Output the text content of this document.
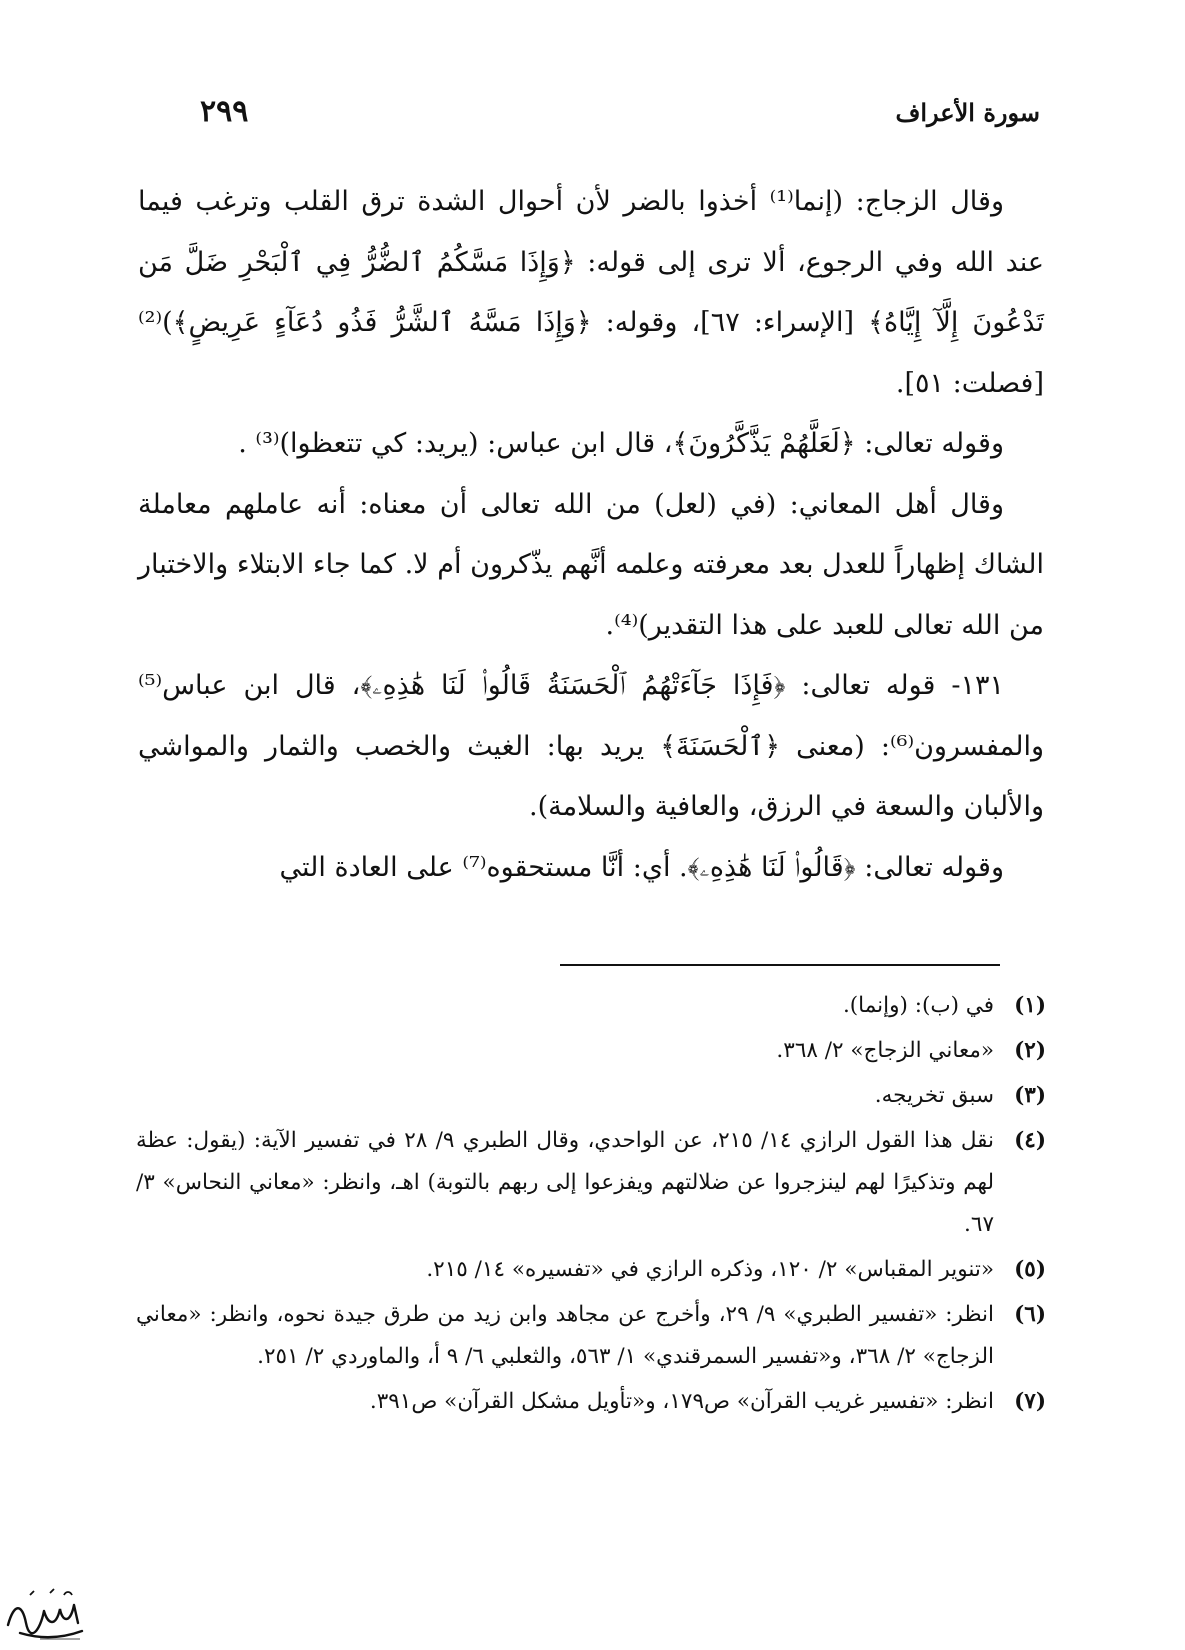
سورة الأعراف
٢٩٩

وقال الزجاج: (إنما⁽¹⁾ أخذوا بالضر لأن أحوال الشدة ترق القلب وترغب فيما عند الله وفي الرجوع، ألا ترى إلى قوله: ﴿وَإِذَا مَسَّكُمُ ٱلضُّرُّ فِي ٱلْبَحْرِ ضَلَّ مَن تَدْعُونَ إِلَّآ إِيَّاهُ﴾ [الإسراء: ٦٧]، وقوله: ﴿وَإِذَا مَسَّهُ ٱلشَّرُّ فَذُو دُعَآءٍ عَرِيضٍ﴾)⁽²⁾ [فصلت: ٥١].

وقوله تعالى: ﴿لَعَلَّهُمْ يَذَّكَّرُونَ﴾، قال ابن عباس: (يريد: كي تتعظوا)⁽³⁾ .

وقال أهل المعاني: (في (لعل) من الله تعالى أن معناه: أنه عاملهم معاملة الشاك إظهاراً للعدل بعد معرفته وعلمه أنَّهم يذّكرون أم لا. كما جاء الابتلاء والاختبار من الله تعالى للعبد على هذا التقدير)⁽⁴⁾.

١٣١- قوله تعالى: ﴿فَإِذَا جَآءَتْهُمُ ٱلْحَسَنَةُ قَالُوا۟ لَنَا هَٰذِهِۦ﴾، قال ابن عباس⁽⁵⁾ والمفسرون⁽⁶⁾: (معنى ﴿ٱلْحَسَنَةَ﴾ يريد بها: الغيث والخصب والثمار والمواشي والألبان والسعة في الرزق، والعافية والسلامة).

وقوله تعالى: ﴿قَالُوا۟ لَنَا هَٰذِهِۦ﴾. أي: أنَّا مستحقوه⁽⁷⁾ على العادة التي

(١)
في (ب): (وإنما).
(٢)
«معاني الزجاج» ٢/ ٣٦٨.
(٣)
سبق تخريجه.
(٤)
نقل هذا القول الرازي ١٤/ ٢١٥، عن الواحدي، وقال الطبري ٩/ ٢٨ في تفسير الآية: (يقول: عظة لهم وتذكيرًا لهم لينزجروا عن ضلالتهم ويفزعوا إلى ربهم بالتوبة) اهـ، وانظر: «معاني النحاس» ٣/ ٦٧.
(٥)
«تنوير المقباس» ٢/ ١٢٠، وذكره الرازي في «تفسيره» ١٤/ ٢١٥.
(٦)
انظر: «تفسير الطبري» ٩/ ٢٩، وأخرج عن مجاهد وابن زيد من طرق جيدة نحوه، وانظر: «معاني الزجاج» ٢/ ٣٦٨، و«تفسير السمرقندي» ١/ ٥٦٣، والثعلبي ٦/ ٩ أ، والماوردي ٢/ ٢٥١.
(٧)
انظر: «تفسير غريب القرآن» ص١٧٩، و«تأويل مشكل القرآن» ص٣٩١.
